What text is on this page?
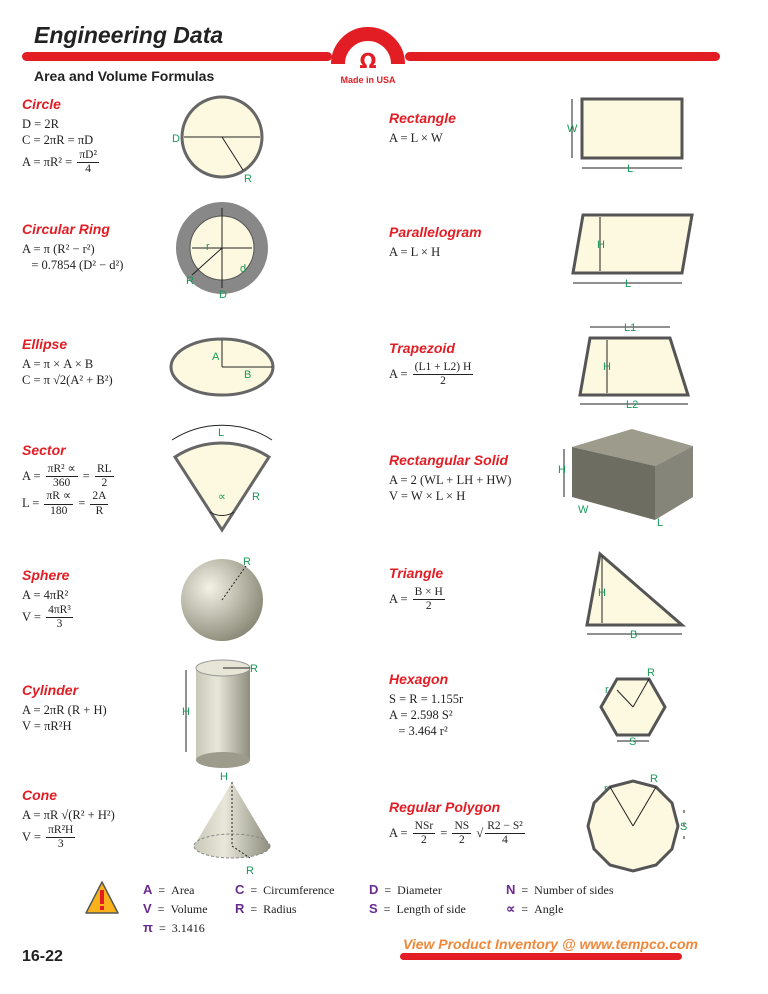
Engineering Data
Area and Volume Formulas
Ω
Made in USA
Circle
D = 2R
C = 2πR = πD
$A = \pi R^2 = \frac{\text{πD²}}{4}$
Circular Ring
A = π (R² − r²)
= 0.7854 (D² − d²)
Ellipse
A = π × A × B
C = π √2(A² + B²)
Sector
$A = \frac{\text{πR² ∝}}{360} = \frac{RL}{2}$
$L = \frac{\pi R \propto}{180} = \frac{2A}{R}$
Sphere
A = 4πR²
$V = \frac{\text{4πR³}}{3}$
Cylinder
A = 2πR (R + H)
V = πR²H
Cone
A = πR √(R² + H²)
$V = \frac{\text{πR²H}}{3}$
Rectangle
A = L × W
Parallelogram
A = L × H
Trapezoid
$A = \frac{(L1 + L2) H}{2}$
Rectangular Solid
A = 2 (WL + LH + HW)
V = W × L × H
Triangle
$A = \frac{B \times H}{2}$
Hexagon
S = R = 1.155r
A = 2.598 S²
= 3.464 r²
Regular Polygon
$A = \frac{\text{NSr}}{2} = \frac{NS}{2}$ √ $\frac{\text{R2 − S²}}{4}$
D
R
r
d
R
D
A
B
L
R
∝
R
R
H
H
R
W
L
H
L
L1
H
L2
H
W
L
H
B
R
r
S
R
r
S
A = Area	C = Circumference	D = Diameter	N = Number of sides
V = Volume R = Radius	S = Length of side	∝ = Angle
π = 3.1416
16-22
View Product Inventory @ www.tempco.com
